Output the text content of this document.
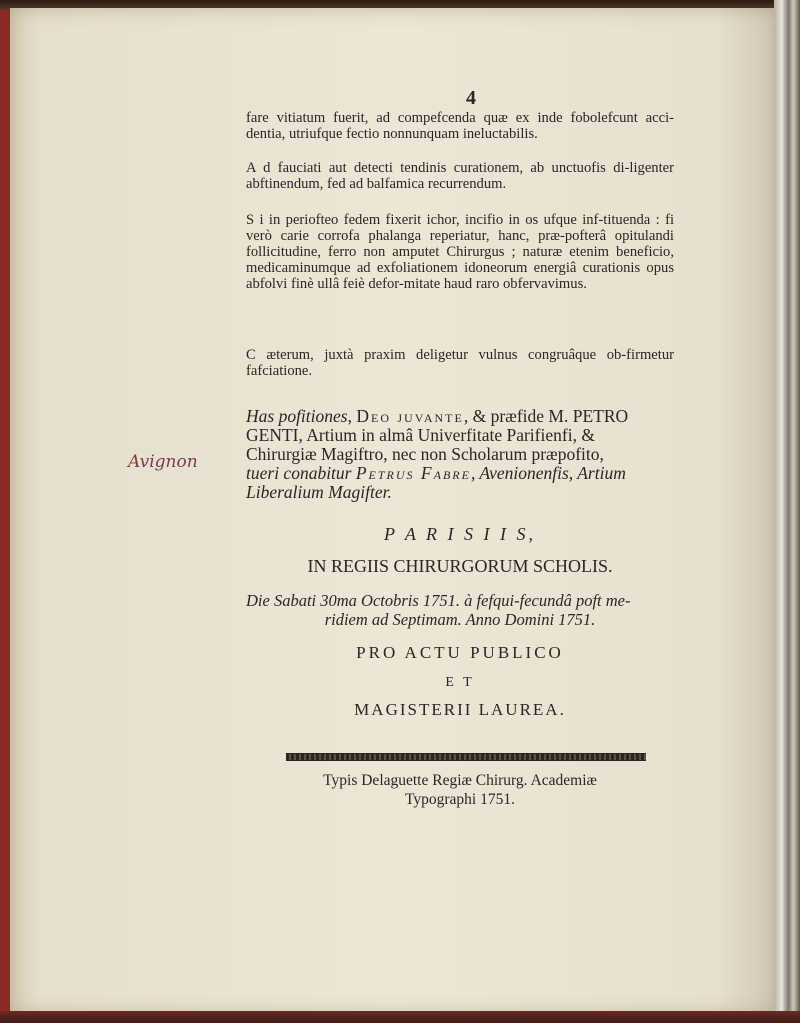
4
fare vitiatum fuerit, ad compefcenda quæ ex inde fobolefcunt acci-dentia, utriufque fectio nonnunquam ineluctabilis.
A d fauciati aut detecti tendinis curationem, ab unctuofis di-ligenter abftinendum, fed ad balfamica recurrendum.
S i in periofteo fedem fixerit ichor, incifio in os ufque inf-tituenda : fi verò carie corrofa phalanga reperiatur, hanc, præ-pofterâ opitulandi follicitudine, ferro non amputet Chirurgus ; naturæ etenim beneficio, medicaminumque ad exfoliationem idoneorum energiâ curationis opus abfolvi finè ullâ feiè defor-mitate haud raro obfervavimus.
C æterum, juxtà praxim deligetur vulnus congruâque ob-firmetur fafciatione.
Has pofitiones, Deo juvante, & præfide M. PETRO
GENTI, Artium in almâ Univerfitate Parifienfi, &
Chirurgiæ Magiftro, nec non Scholarum præpofito,
tueri conabitur Petrus Fabre, Avenionenfis, Artium
Liberalium Magifter.
Avignon
P A R I S I I S,
IN REGIIS CHIRURGORUM SCHOLIS.
Die Sabati 30ma Octobris 1751. à fefqui-fecundâ poft me-
ridiem ad Septimam. Anno Domini 1751.
PRO ACTU PUBLICO
E T
MAGISTERII LAUREA.
Typis Delaguette Regiæ Chirurg. Academiæ
Typographi 1751.
